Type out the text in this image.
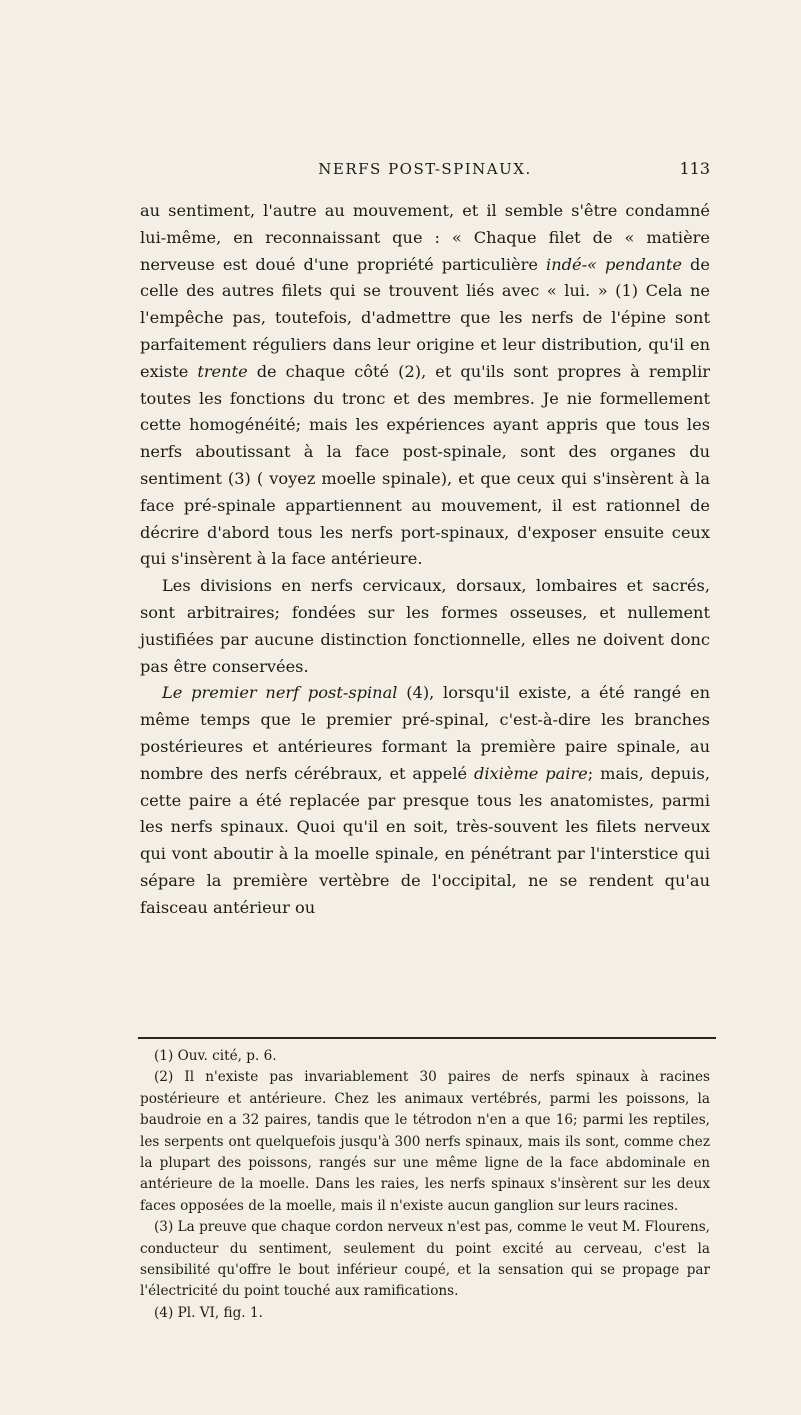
NERFS POST-SPINAUX.	113

au sentiment, l'autre au mouvement, et il semble s'être condamné lui-même, en reconnaissant que : « Chaque filet de « matière nerveuse est doué d'une propriété particulière indé-« pendante de celle des autres filets qui se trouvent liés avec « lui. » (1) Cela ne l'empêche pas, toutefois, d'admettre que les nerfs de l'épine sont parfaitement réguliers dans leur origine et leur distribution, qu'il en existe trente de chaque côté (2), et qu'ils sont propres à remplir toutes les fonctions du tronc et des membres. Je nie formellement cette homogénéité; mais les expériences ayant appris que tous les nerfs aboutissant à la face post-spinale, sont des organes du sentiment (3) ( voyez moelle spinale), et que ceux qui s'insèrent à la face pré-spinale appartiennent au mouvement, il est rationnel de décrire d'abord tous les nerfs port-spinaux, d'exposer ensuite ceux qui s'insèrent à la face antérieure.

Les divisions en nerfs cervicaux, dorsaux, lombaires et sacrés, sont arbitraires; fondées sur les formes osseuses, et nullement justifiées par aucune distinction fonctionnelle, elles ne doivent donc pas être conservées.

Le premier nerf post-spinal (4), lorsqu'il existe, a été rangé en même temps que le premier pré-spinal, c'est-à-dire les branches postérieures et antérieures formant la première paire spinale, au nombre des nerfs cérébraux, et appelé dixième paire; mais, depuis, cette paire a été replacée par presque tous les anatomistes, parmi les nerfs spinaux. Quoi qu'il en soit, très-souvent les filets nerveux qui vont aboutir à la moelle spinale, en pénétrant par l'interstice qui sépare la première vertèbre de l'occipital, ne se rendent qu'au faisceau antérieur ou

(1) Ouv. cité, p. 6.

(2) Il n'existe pas invariablement 30 paires de nerfs spinaux à racines postérieure et antérieure. Chez les animaux vertébrés, parmi les poissons, la baudroie en a 32 paires, tandis que le tétrodon n'en a que 16; parmi les reptiles, les serpents ont quelquefois jusqu'à 300 nerfs spinaux, mais ils sont, comme chez la plupart des poissons, rangés sur une même ligne de la face abdominale en antérieure de la moelle. Dans les raies, les nerfs spinaux s'insèrent sur les deux faces opposées de la moelle, mais il n'existe aucun ganglion sur leurs racines.

(3) La preuve que chaque cordon nerveux n'est pas, comme le veut M. Flourens, conducteur du sentiment, seulement du point excité au cerveau, c'est la sensibilité qu'offre le bout inférieur coupé, et la sensation qui se propage par l'électricité du point touché aux ramifications.

(4) Pl. VI, fig. 1.
